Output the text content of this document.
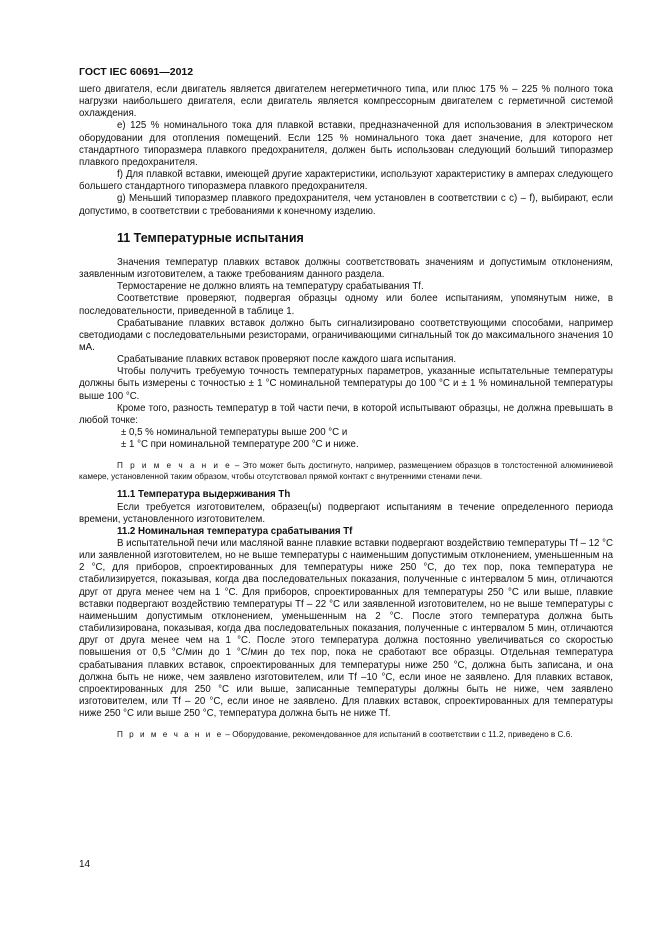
ГОСТ IEC 60691—2012

шего двигателя, если двигатель является двигателем негерметичного типа, или плюс 175 % – 225 % полного тока нагрузки наибольшего двигателя, если двигатель является компрессорным двигателем с герметичной системой охлаждения.

е) 125 % номинального тока для плавкой вставки, предназначенной для использования в электрическом оборудовании для отопления помещений. Если 125 % номинального тока дает значение, для которого нет стандартного типоразмера плавкого предохранителя, должен быть использован следующий больший типоразмер плавкого предохранителя.

f) Для плавкой вставки, имеющей другие характеристики, используют характеристику в амперах следующего большего стандартного типоразмера плавкого предохранителя.

g) Меньший типоразмер плавкого предохранителя, чем установлен в соответствии с с) – f), выбирают, если допустимо, в соответствии с требованиями к конечному изделию.

11 Температурные испытания

Значения температур плавких вставок должны соответствовать значениям и допустимым отклонениям, заявленным изготовителем, а также требованиям данного раздела.

Термостарение не должно влиять на температуру срабатывания Tf.

Соответствие проверяют, подвергая образцы одному или более испытаниям, упомянутым ниже, в последовательности, приведенной в таблице 1.

Срабатывание плавких вставок должно быть сигнализировано соответствующими способами, например светодиодами с последовательными резисторами, ограничивающими сигнальный ток до максимального значения 10 мА.

Срабатывание плавких вставок проверяют после каждого шага испытания.

Чтобы получить требуемую точность температурных параметров, указанные испытательные температуры должны быть измерены с точностью ± 1 °С номинальной температуры до 100 °С и ± 1 % номинальной температуры выше 100 °С.

Кроме того, разность температур в той части печи, в которой испытывают образцы, не должна превышать в любой точке:

± 0,5 % номинальной температуры выше 200 °С и

± 1 °С при номинальной температуре 200 °С и ниже.

П р и м е ч а н и е – Это может быть достигнуто, например, размещением образцов в толстостенной алюминиевой камере, установленной таким образом, чтобы отсутствовал прямой контакт с внутренними стенами печи.

11.1 Температура выдерживания Th

Если требуется изготовителем, образец(ы) подвергают испытаниям в течение определенного периода времени, установленного изготовителем.

11.2 Номинальная температура срабатывания Tf

В испытательной печи или масляной ванне плавкие вставки подвергают воздействию температуры Tf – 12 °С или заявленной изготовителем, но не выше температуры с наименьшим допустимым отклонением, уменьшенным на 2 °С, для приборов, спроектированных для температуры ниже 250 °С, до тех пор, пока температура не стабилизируется, показывая, когда два последовательных показания, полученные с интервалом 5 мин, отличаются друг от друга менее чем на 1 °С. Для приборов, спроектированных для температуры 250 °С или выше, плавкие вставки подвергают воздействию температуры Tf – 22 °С или заявленной изготовителем, но не выше температуры с наименьшим допустимым отклонением, уменьшенным на 2 °С. После этого температура должна быть стабилизирована, показывая, когда два последовательных показания, полученные с интервалом 5 мин, отличаются друг от друга менее чем на 1 °С. После этого температура должна постоянно увеличиваться со скоростью повышения от 0,5 °С/мин до 1 °С/мин до тех пор, пока не сработают все образцы. Отдельная температура срабатывания плавких вставок, спроектированных для температуры ниже 250 °С, должна быть записана, и она должна быть не ниже, чем заявлено изготовителем, или Tf –10 °С, если иное не заявлено. Для плавких вставок, спроектированных для 250 °С или выше, записанные температуры должны быть не ниже, чем заявлено изготовителем, или Tf – 20 °С, если иное не заявлено. Для плавких вставок, спроектированных для температуры ниже 250 °С или выше 250 °С, температура должна быть не ниже Tf.

П р и м е ч а н и е – Оборудование, рекомендованное для испытаний в соответствии с 11.2, приведено в С.6.

14
